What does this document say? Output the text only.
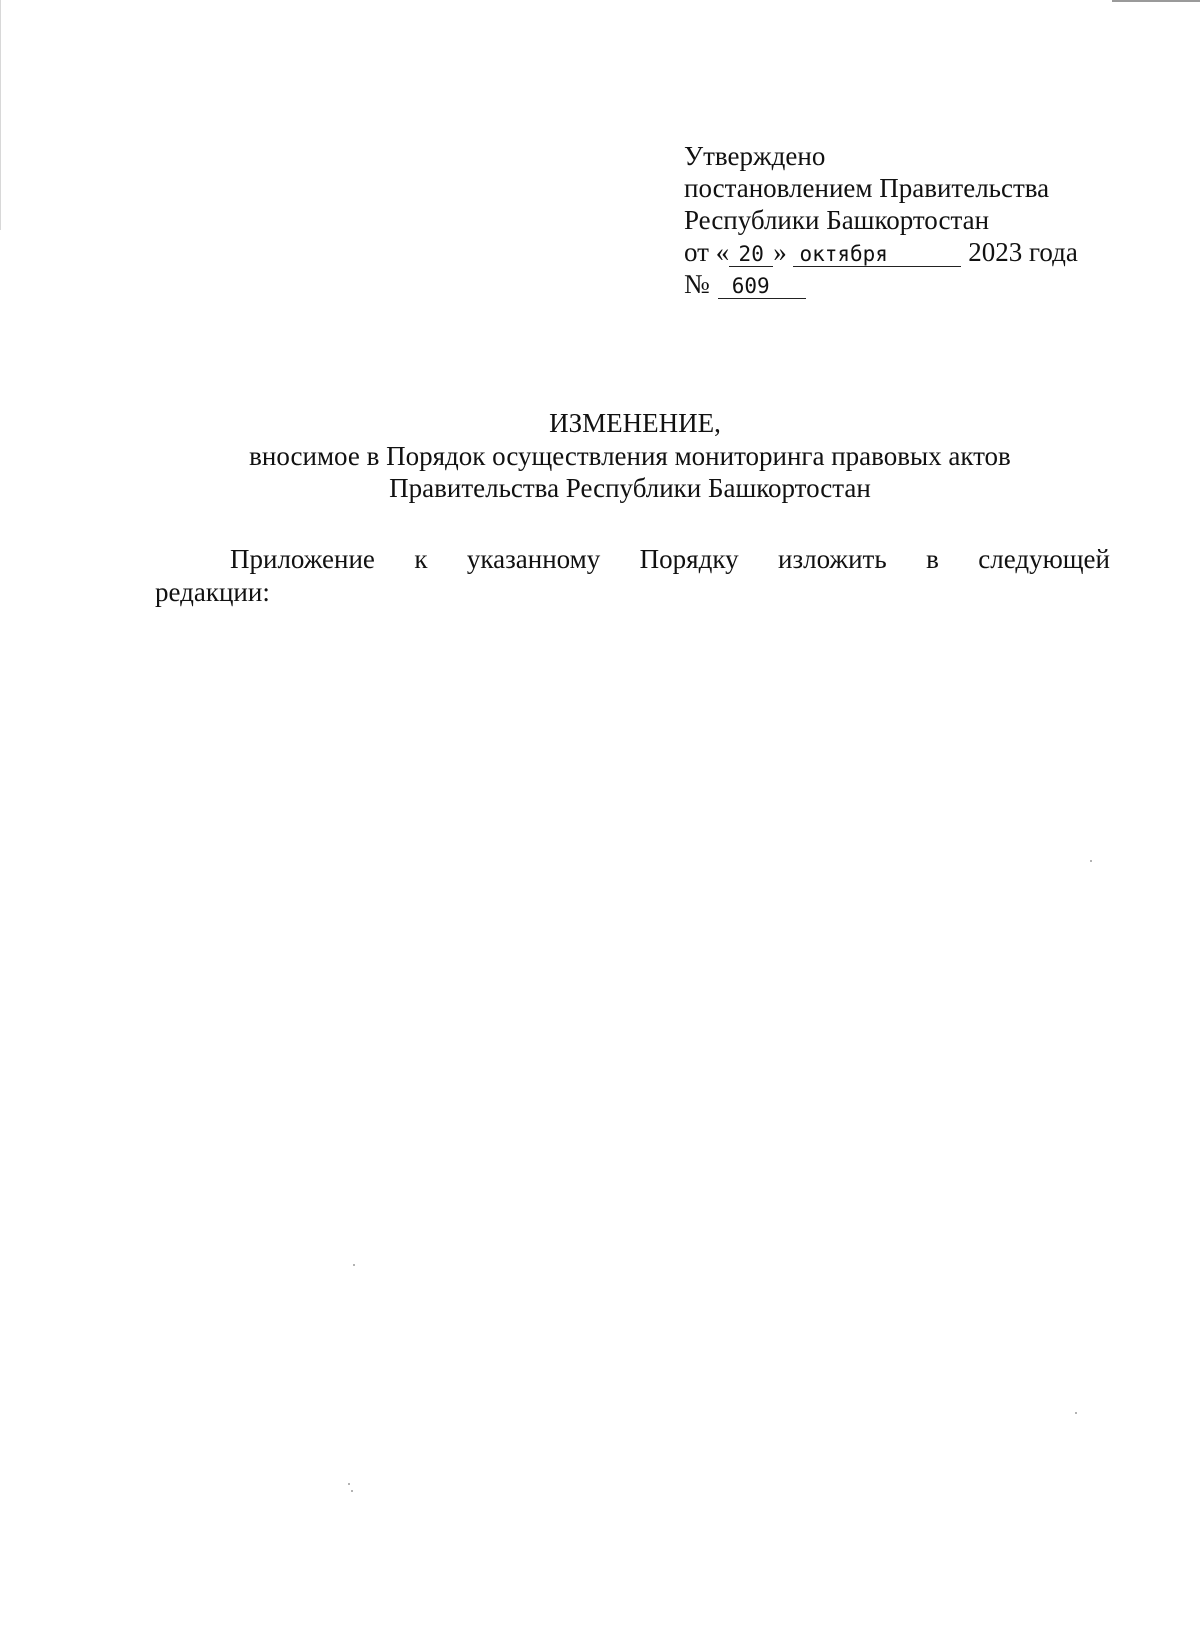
Утверждено
постановлением Правительства
Республики Башкортостан
от « 20 » октября	2023 года
№ 609
ИЗМЕНЕНИЕ,
вносимое в Порядок осуществления мониторинга правовых актов
Правительства Республики Башкортостан
Приложение к указанному Порядку изложить в следующей редакции:
